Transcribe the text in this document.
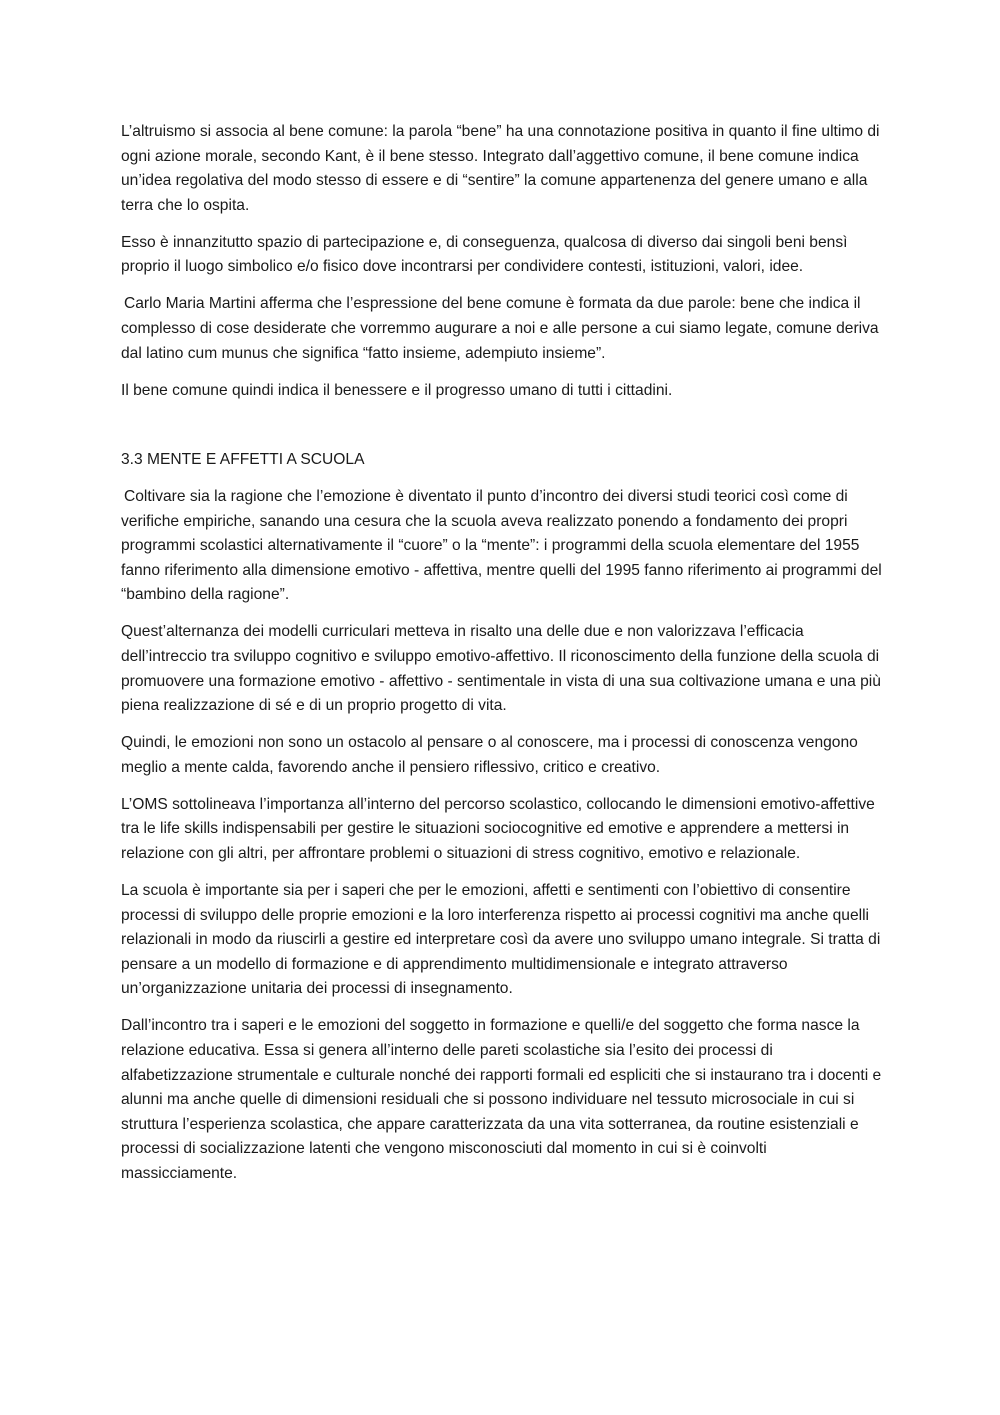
L’altruismo si associa al bene comune: la parola “bene” ha una connotazione positiva in quanto il fine ultimo di ogni azione morale, secondo Kant, è il bene stesso. Integrato dall’aggettivo comune, il bene comune indica un’idea regolativa del modo stesso di essere e di “sentire” la comune appartenenza del genere umano e alla terra che lo ospita.

Esso è innanzitutto spazio di partecipazione e, di conseguenza, qualcosa di diverso dai singoli beni bensì proprio il luogo simbolico e/o fisico dove incontrarsi per condividere contesti, istituzioni, valori, idee.

Carlo Maria Martini afferma che l’espressione del bene comune è formata da due parole: bene che indica il complesso di cose desiderate che vorremmo augurare a noi e alle persone a cui siamo legate, comune deriva dal latino cum munus che significa “fatto insieme, adempiuto insieme”.

Il bene comune quindi indica il benessere e il progresso umano di tutti i cittadini.

3.3 MENTE E AFFETTI A SCUOLA

Coltivare sia la ragione che l’emozione è diventato il punto d’incontro dei diversi studi teorici così come di verifiche empiriche, sanando una cesura che la scuola aveva realizzato ponendo a fondamento dei propri programmi scolastici alternativamente il “cuore” o la “mente”: i programmi della scuola elementare del 1955 fanno riferimento alla dimensione emotivo - affettiva, mentre quelli del 1995 fanno riferimento ai programmi del “bambino della ragione”.

Quest’alternanza dei modelli curriculari metteva in risalto una delle due e non valorizzava l’efficacia dell’intreccio tra sviluppo cognitivo e sviluppo emotivo-affettivo. Il riconoscimento della funzione della scuola di promuovere una formazione emotivo - affettivo - sentimentale in vista di una sua coltivazione umana e una più piena realizzazione di sé e di un proprio progetto di vita.

Quindi, le emozioni non sono un ostacolo al pensare o al conoscere, ma i processi di conoscenza vengono meglio a mente calda, favorendo anche il pensiero riflessivo, critico e creativo.

L’OMS sottolineava l’importanza all’interno del percorso scolastico, collocando le dimensioni emotivo-affettive tra le life skills indispensabili per gestire le situazioni sociocognitive ed emotive e apprendere a mettersi in relazione con gli altri, per affrontare problemi o situazioni di stress cognitivo, emotivo e relazionale.

La scuola è importante sia per i saperi che per le emozioni, affetti e sentimenti con l’obiettivo di consentire processi di sviluppo delle proprie emozioni e la loro interferenza rispetto ai processi cognitivi ma anche quelli relazionali in modo da riuscirli a gestire ed interpretare così da avere uno sviluppo umano integrale. Si tratta di pensare a un modello di formazione e di apprendimento multidimensionale e integrato attraverso un’organizzazione unitaria dei processi di insegnamento.

Dall’incontro tra i saperi e le emozioni del soggetto in formazione e quelli/e del soggetto che forma nasce la relazione educativa. Essa si genera all’interno delle pareti scolastiche sia l’esito dei processi di alfabetizzazione strumentale e culturale nonché dei rapporti formali ed espliciti che si instaurano tra i docenti e alunni ma anche quelle di dimensioni residuali che si possono individuare nel tessuto microsociale in cui si struttura l’esperienza scolastica, che appare caratterizzata da una vita sotterranea, da routine esistenziali e processi di socializzazione latenti che vengono misconosciuti dal momento in cui si è coinvolti massicciamente.
